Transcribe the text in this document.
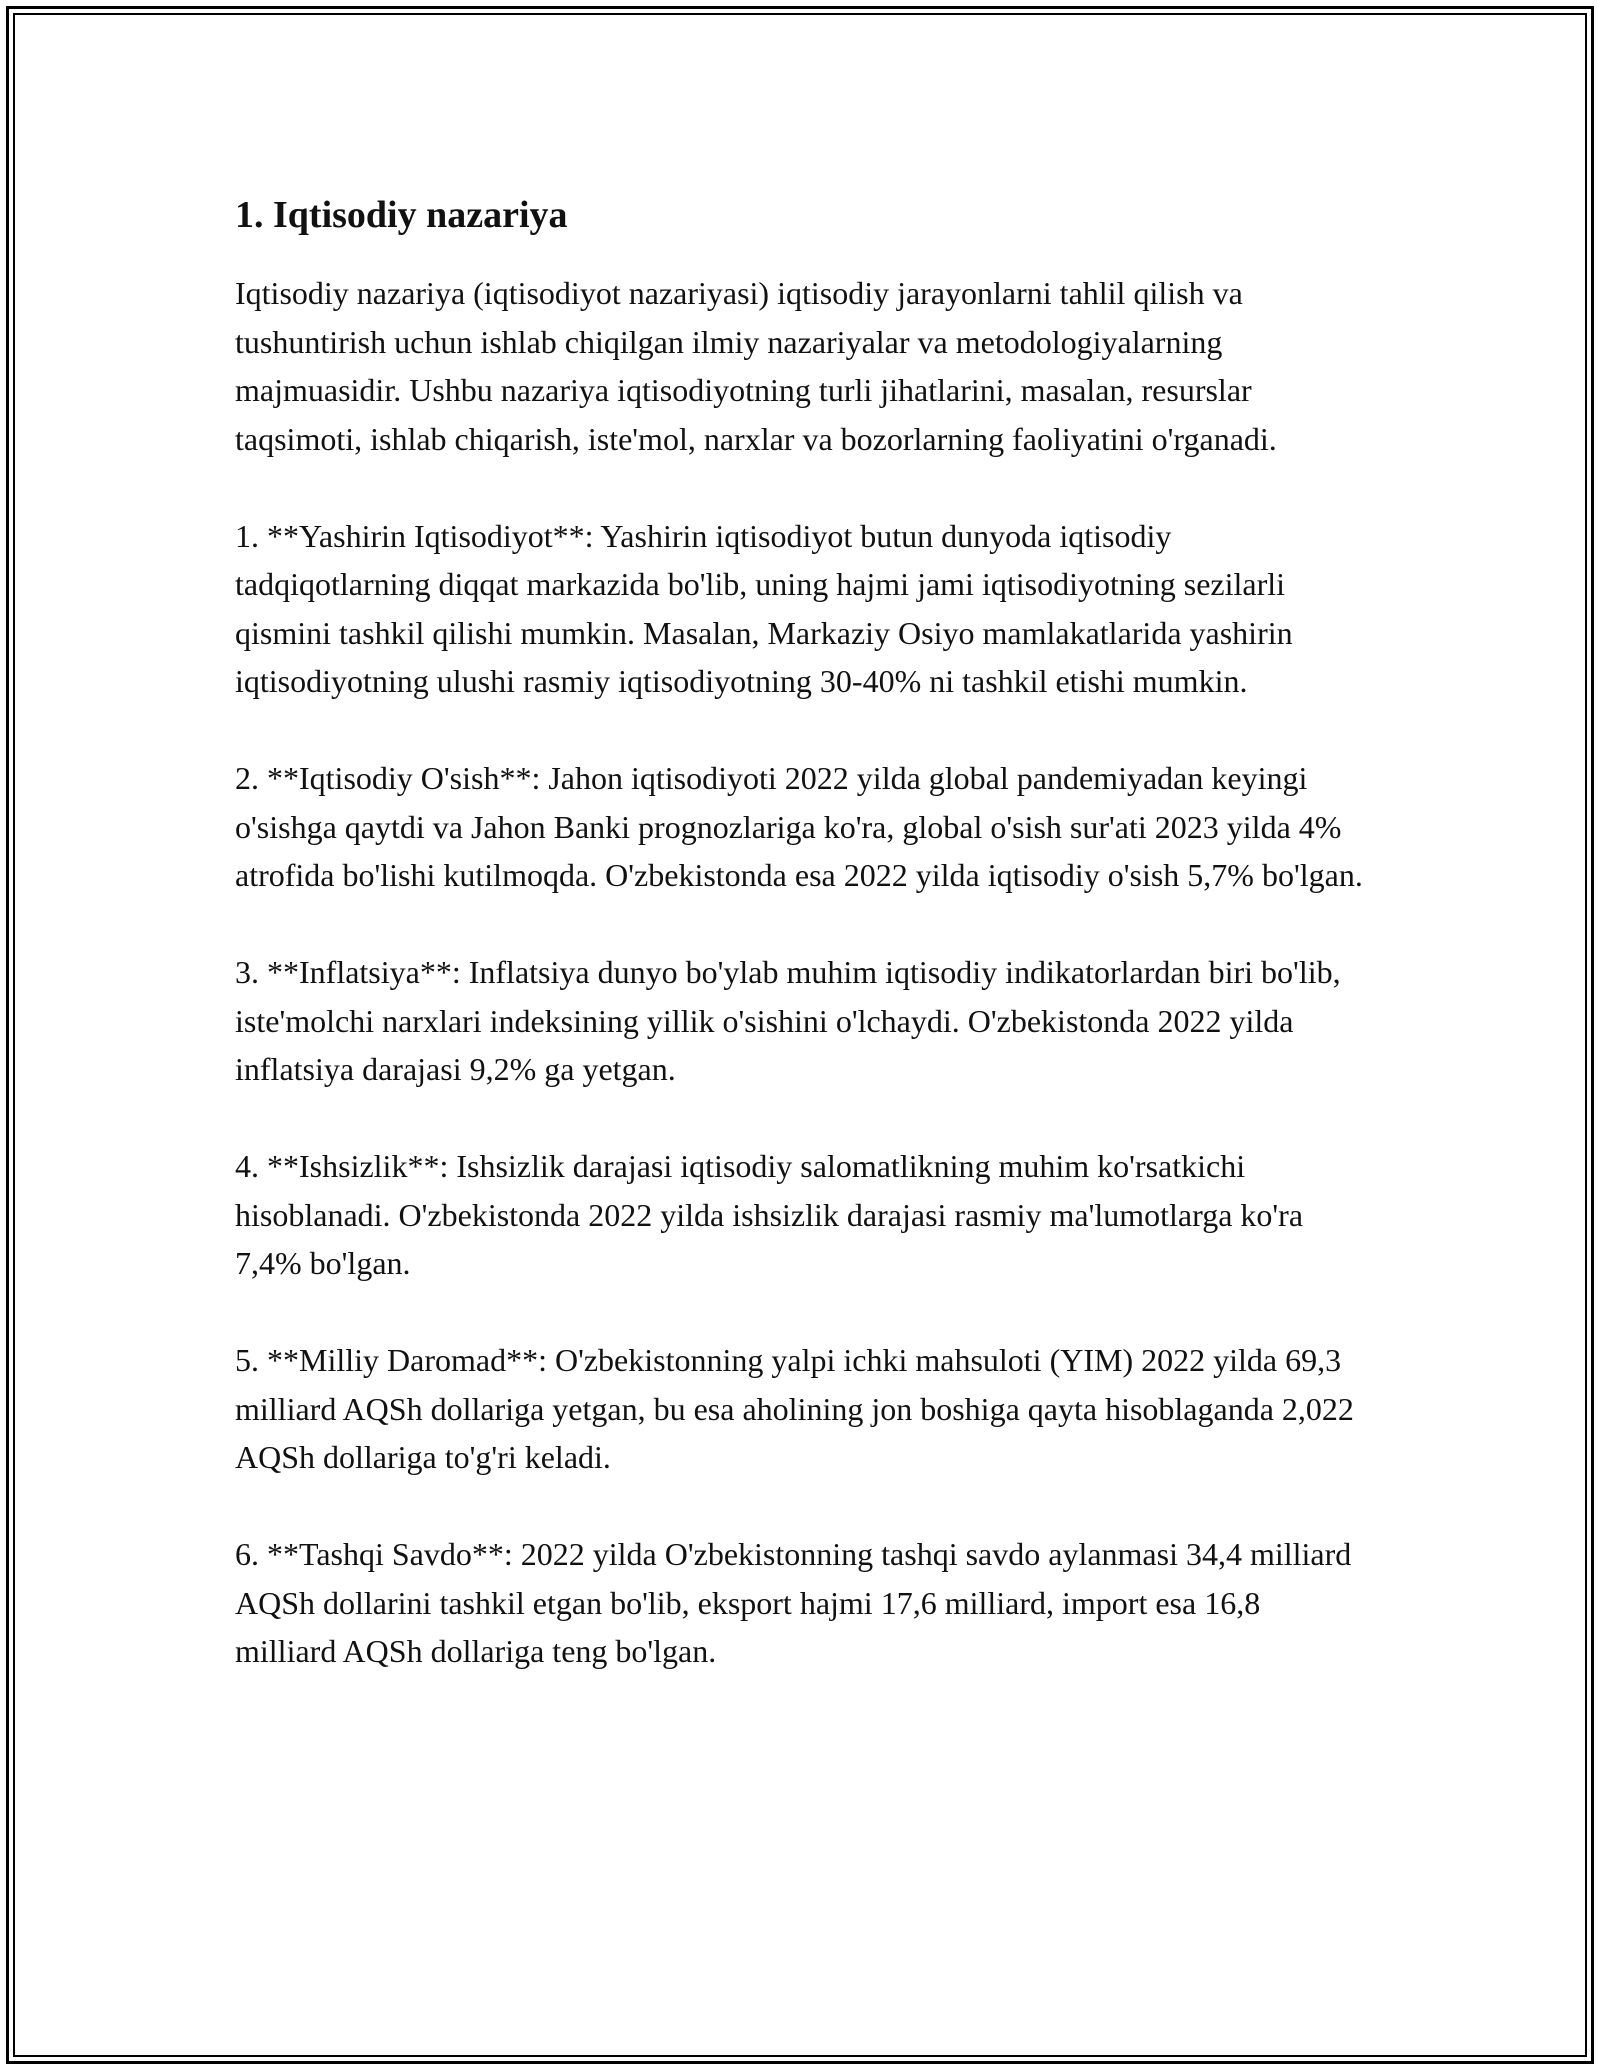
1. Iqtisodiy nazariya

Iqtisodiy nazariya (iqtisodiyot nazariyasi) iqtisodiy jarayonlarni tahlil qilish va tushuntirish uchun ishlab chiqilgan ilmiy nazariyalar va metodologiyalarning majmuasidir. Ushbu nazariya iqtisodiyotning turli jihatlarini, masalan, resurslar taqsimoti, ishlab chiqarish, iste'mol, narxlar va bozorlarning faoliyatini o'rganadi.

1. **Yashirin Iqtisodiyot**: Yashirin iqtisodiyot butun dunyoda iqtisodiy tadqiqotlarning diqqat markazida bo'lib, uning hajmi jami iqtisodiyotning sezilarli qismini tashkil qilishi mumkin. Masalan, Markaziy Osiyo mamlakatlarida yashirin iqtisodiyotning ulushi rasmiy iqtisodiyotning 30-40% ni tashkil etishi mumkin.

2. **Iqtisodiy O'sish**: Jahon iqtisodiyoti 2022 yilda global pandemiyadan keyingi o'sishga qaytdi va Jahon Banki prognozlariga ko'ra, global o'sish sur'ati 2023 yilda 4% atrofida bo'lishi kutilmoqda. O'zbekistonda esa 2022 yilda iqtisodiy o'sish 5,7% bo'lgan.

3. **Inflatsiya**: Inflatsiya dunyo bo'ylab muhim iqtisodiy indikatorlardan biri bo'lib, iste'molchi narxlari indeksining yillik o'sishini o'lchaydi. O'zbekistonda 2022 yilda inflatsiya darajasi 9,2% ga yetgan.

4. **Ishsizlik**: Ishsizlik darajasi iqtisodiy salomatlikning muhim ko'rsatkichi hisoblanadi. O'zbekistonda 2022 yilda ishsizlik darajasi rasmiy ma'lumotlarga ko'ra 7,4% bo'lgan.

5. **Milliy Daromad**: O'zbekistonning yalpi ichki mahsuloti (YIM) 2022 yilda 69,3 milliard AQSh dollariga yetgan, bu esa aholining jon boshiga qayta hisoblaganda 2,022 AQSh dollariga to'g'ri keladi.

6. **Tashqi Savdo**: 2022 yilda O'zbekistonning tashqi savdo aylanmasi 34,4 milliard AQSh dollarini tashkil etgan bo'lib, eksport hajmi 17,6 milliard, import esa 16,8 milliard AQSh dollariga teng bo'lgan.
